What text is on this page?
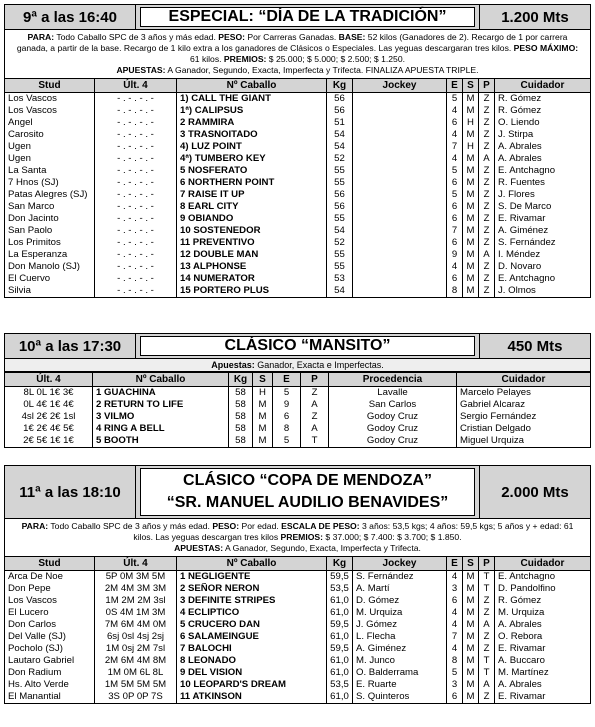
9ª a las 16:40	ESPECIAL: “DÍA DE LA TRADICIÓN”	1.200 Mts
PARA: Todo Caballo SPC de 3 años y más edad. PESO: Por Carreras Ganadas. BASE: 52 kilos (Ganadores de 2). Recargo de 1 por carrera ganada, a partir de la base. Recargo de 1 kilo extra a los ganadores de Clásicos o Especiales. Las yeguas descargaran tres kilos. PESO MÁXIMO: 61 kilos. PREMIOS: $ 25.000; $ 5.000; $ 2.500; $ 1.250.
APUESTAS: A Ganador, Segundo, Exacta, Imperfecta y Trifecta. FINALIZA APUESTA TRIPLE.
Stud	Últ. 4	Nº Caballo	Kg	Jockey	E	S	P	Cuidador
Los Vascos	- . - . - . -	1) CALL THE GIANT	56		5	M	Z	R. Gómez
Los Vascos	- . - . - . -	1ª) CALIPSUS	56		4	M	Z	R. Gómez
Angel	- . - . - . -	2 RAMMIRA	51		6	H	Z	O. Liendo
Carosito	- . - . - . -	3 TRASNOITADO	54		4	M	Z	J. Stirpa
Ugen	- . - . - . -	4) LUZ POINT	54		7	H	Z	A. Abrales
Ugen	- . - . - . -	4ª) TUMBERO KEY	52		4	M	A	A. Abrales
La Santa	- . - . - . -	5 NOSFERATO	55		5	M	Z	E. Antchagno
7 Hnos (SJ)	- . - . - . -	6 NORTHERN POINT	55		6	M	Z	R. Fuentes
Patas Alegres (SJ)	- . - . - . -	7 RAISE IT UP	56		5	M	Z	J. Flores
San Marco	- . - . - . -	8 EARL CITY	56		6	M	Z	S. De Marco
Don Jacinto	- . - . - . -	9 OBIANDO	55		6	M	Z	E. Rivamar
San Paolo	- . - . - . -	10 SOSTENEDOR	54		7	M	Z	A. Giménez
Los Primitos	- . - . - . -	11 PREVENTIVO	52		6	M	Z	S. Fernández
La Esperanza	- . - . - . -	12 DOUBLE MAN	55		9	M	A	I. Méndez
Don Manolo (SJ)	- . - . - . -	13 ALPHONSE	55		4	M	Z	D. Novaro
El Cuervo	- . - . - . -	14 NUMERATOR	53		6	M	Z	E. Antchagno
Silvia	- . - . - . -	15 PORTERO PLUS	54		8	M	Z	J. Olmos
10ª a las 17:30	CLÁSICO “MANSITO”	450 Mts
Apuestas: Ganador, Exacta e Imperfectas.
Últ. 4	Nº Caballo	Kg	S	E	P	Procedencia	Cuidador
8L 0L 1€ 3€	1 GUACHINA	58	H	5	Z	Lavalle	Marcelo Pelayes
0L 4€ 1€ 4€	2 RETURN TO LIFE	58	M	9	A	San Carlos	Gabriel Alcaraz
4sl 2€ 2€ 1sl	3 VILMO	58	M	6	Z	Godoy Cruz	Sergio Fernández
1€ 2€ 4€ 5€	4 RING A BELL	58	M	8	A	Godoy Cruz	Cristian Delgado
2€ 5€ 1€ 1€	5 BOOTH	58	M	5	T	Godoy Cruz	Miguel Urquiza
11ª a las 18:10
CLÁSICO “COPA DE MENDOZA”
“SR. MANUEL AUDILIO BENAVIDES”
2.000 Mts
PARA: Todo Caballo SPC de 3 años y más edad. PESO: Por edad. ESCALA DE PESO: 3 años: 53,5 kgs; 4 años: 59,5 kgs; 5 años y + edad: 61 kilos. Las yeguas descargan tres kilos PREMIOS: $ 37.000; $ 7.400: $ 3.700; $ 1.850.
APUESTAS: A Ganador, Segundo, Exacta, Imperfecta y Trifecta.
Stud	Últ. 4	Nº Caballo	Kg	Jockey	E	S	P	Cuidador
Arca De Noe	5P 0M 3M 5M	1 NEGLIGENTE	59,5	S. Fernández	4	M	T	E. Antchagno
Don Pepe	2M 4M 3M 3M	2 SEÑOR NERON	53,5	A. Martí	3	M	T	D. Pandolfino
Los Vascos	1M 2M 2M 3sl	3 DEFINITE STRIPES	61,0	D. Gómez	6	M	Z	R. Gómez
El Lucero	0S 4M 1M 3M	4 ECLIPTICO	61,0	M. Urquiza	4	M	Z	M. Urquiza
Don Carlos	7M 6M 4M 0M	5 CRUCERO DAN	59,5	J. Gómez	4	M	A	A. Abrales
Del Valle (SJ)	6sj 0sl 4sj 2sj	6 SALAMEINGUE	61,0	L. Flecha	7	M	Z	O. Rebora
Pocholo (SJ)	1M 0sj 2M 7sl	7 BALOCHI	59,5	A. Giménez	4	M	Z	E. Rivamar
Lautaro Gabriel	2M 6M 4M 8M	8 LEONADO	61,0	M. Junco	8	M	T	A. Buccaro
Don Radium	1M 0M 6L 8L	9 DEL VISION	61,0	O. Balderrama	5	M	T	M. Martínez
Hs. Alto Verde	1M 5M 5M 5M	10 LEOPARD'S DREAM	53,5	E. Ruarte	3	M	A	A. Abrales
El Manantial	3S 0P 0P 7S	11 ATKINSON	61,0	S. Quinteros	6	M	Z	E. Rivamar
